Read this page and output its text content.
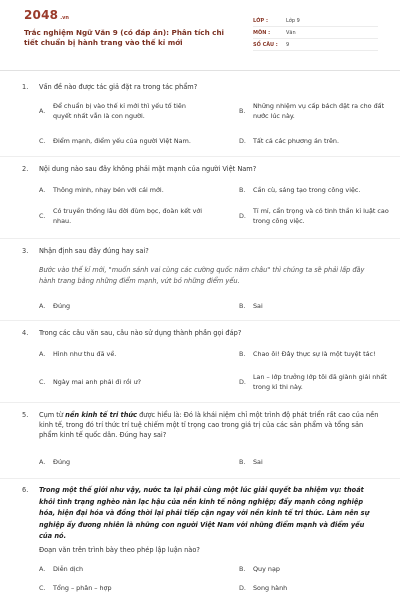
2048 .vn
Trắc nghiệm Ngữ Văn 9 (có đáp án): Phân tích chi tiết chuẩn bị hành trang vào thế kỉ mới
LỚP :	Lớp 9
MÔN :	Văn
SỐ CÂU :	9
1.	Vấn đề nào được tác giả đặt ra trong tác phẩm?
A.
Để chuẩn bị vào thế kỉ mới thì yếu tố tiên quyết nhất vẫn là con người.
B.
Những nhiệm vụ cấp bách đặt ra cho đất nước lúc này.
C.	Điểm mạnh, điểm yếu của người Việt Nam.	D.	Tất cả các phương án trên.
2.	Nội dung nào sau đây không phải mặt mạnh của người Việt Nam?
A.	Thông minh, nhạy bén với cái mới.	B.	Cần cù, sáng tạo trong công việc.
C.
Có truyền thống lâu đời đùm bọc, đoàn kết với nhau.
D.
Tỉ mỉ, cẩn trọng và có tinh thần kỉ luật cao trong công việc.
3.	Nhận định sau đây đúng hay sai?
Bước vào thế kỉ mới, "muốn sánh vai cùng các cường quốc năm châu" thì chúng ta sẽ phải lấp đầy hành trang bằng những điểm mạnh, vứt bỏ những điểm yếu.
A.	Đúng	B.	Sai
4.	Trong các câu văn sau, câu nào sử dụng thành phần gọi đáp?
A.	Hình như thu đã về.	B.	Chao ôi! Đây thực sự là một tuyệt tác!
C.	Ngày mai anh phải đi rồi ư?	D.
Lan – lớp trưởng lớp tôi đã giành giải nhất trong kì thi này.
5.	Cụm từ nền kinh tế tri thức được hiểu là: Đó là khái niệm chỉ một trình độ phát triển rất cao của nền kinh tế, trong đó trí thức trí tuệ chiếm một tỉ trọng cao trong giá trị của các sản phẩm và tổng sản phẩm kinh tế quốc dân. Đúng hay sai?
A.	Đúng	B.	Sai
6.	Trong một thế giới như vậy, nước ta lại phải cùng một lúc giải quyết ba nhiệm vụ: thoát khỏi tình trạng nghèo nàn lạc hậu của nền kinh tế nông nghiệp; đẩy mạnh công nghiệp hóa, hiện đại hóa và đồng thời lại phải tiếp cận ngay với nền kinh tế tri thức. Làm nên sự nghiệp ấy đương nhiên là những con người Việt Nam với những điểm mạnh và điểm yếu của nó.
Đoạn văn trên trình bày theo phép lập luận nào?
A.	Diễn dịch	B.	Quy nạp
C.	Tổng – phân – hợp	D.	Song hành
